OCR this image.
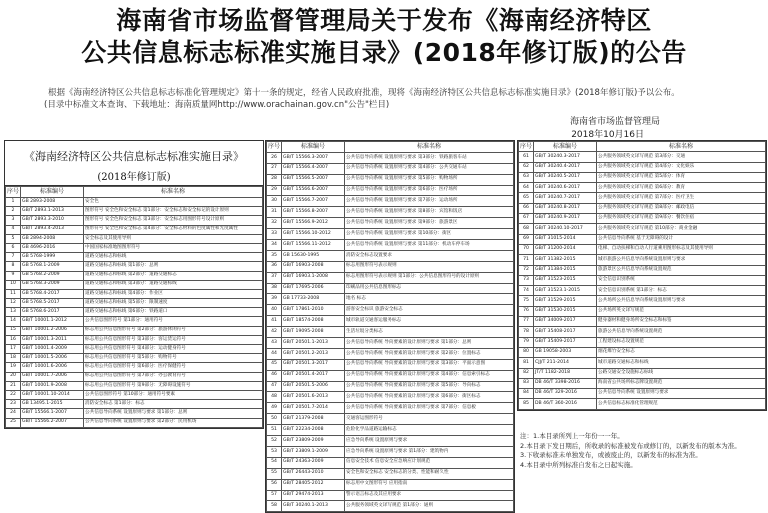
海南省市场监督管理局关于发布《海南经济特区
公共信息标志标准实施目录》(2018年修订版)的公告
根据《海南经济特区公共信息标志标准化管理规定》第十一条的规定，经省人民政府批准，现将《海南经济特区公共信息标志标准实施目录》(2018年修订版)予以公布。
(目录中标准文本查询、下载地址：海南质量网http://www.orachainan.gov.cn"公告"栏目)
海南省市场监督管理局
2018年10月16日
《海南经济特区公共信息标志标准实施目录》
(2018年修订版)
序号	标准编号	标准名称
1	GB 2893-2008	安全色
2	GB/T 2893.1-2013	图形符号 安全色和安全标志 第1部分：安全标志和安全标记的设计原则
3	GB/T 2893.3-2010	图形符号 安全色和安全标志 第3部分：安全标志用图形符号设计原则
4	GB/T 2893.4-2013	图形符号 安全色和安全标志 第4部分：安全标志材料的色度属性和光度属性
5	GB 2894-2008	安全标志及其使用导则
6	GB 4696-2016	中国国家标准地图图形符号
7	GB 5768-1999	道路交通标志和标线
8	GB 5768.1-2009	道路交通标志和标线 第1部分：总则
9	GB 5768.2-2009	道路交通标志和标线 第2部分：道路交通标志
10	GB 5768.3-2009	道路交通标志和标线 第3部分：道路交通标线
11	GB 5768.4-2017	道路交通标志和标线 第4部分：作业区
12	GB 5768.5-2017	道路交通标志和标线 第5部分：限制速度
13	GB 5768.6-2017	道路交通标志和标线 第6部分：铁路道口
14	GB/T 10001.1-2012	公共信息图形符号 第1部分：通用符号
15	GB/T 10001.2-2006	标志用公共信息图形符号 第2部分：旅游休闲符号
16	GB/T 10001.3-2011	标志用公共信息图形符号 第3部分：客运货运符号
17	GB/T 10001.4-2009	标志用公共信息图形符号 第4部分：运动健身符号
18	GB/T 10001.5-2006	标志用公共信息图形符号 第5部分：购物符号
19	GB/T 10001.6-2006	标志用公共信息图形符号 第6部分：医疗保健符号
20	GB/T 10001.7-2006	标志用公共信息图形符号 第7部分：办公教育符号
21	GB/T 10001.9-2008	标志用公共信息图形符号 第9部分：无障碍设施符号
22	GB/T 10001.10-2014	公共信息图形符号 第10部分：通用符号要素
23	GB 13495.1-2015	消防安全标志 第1部分：标志
24	GB/T 15566.1-2007	公共信息导向系统 设置原则与要求 第1部分：总则
25	GB/T 15566.2-2007	公共信息导向系统 设置原则与要求 第2部分：民用机场
序号	标准编号	标准名称
26	GB/T 15566.3-2007	公共信息导向系统 设置原则与要求 第3部分：铁路旅客车站
27	GB/T 15566.4-2007	公共信息导向系统 设置原则与要求 第4部分：公共交通车站
28	GB/T 15566.5-2007	公共信息导向系统 设置原则与要求 第5部分：购物场所
29	GB/T 15566.6-2007	公共信息导向系统 设置原则与要求 第6部分：医疗场所
30	GB/T 15566.7-2007	公共信息导向系统 设置原则与要求 第7部分：运动场所
31	GB/T 15566.8-2007	公共信息导向系统 设置原则与要求 第8部分：宾馆和饭店
32	GB/T 15566.9-2012	公共信息导向系统 设置原则与要求 第9部分：旅游景区
33	GB/T 15566.10-2012	公共信息导向系统 设置原则与要求 第10部分：街区
34	GB/T 15566.11-2012	公共信息导向系统 设置原则与要求 第11部分：机动车停车场
35	GB 15630-1995	消防安全标志设置要求
36	GB/T 16903-2008	标志用图形符号表示规则
37	GB/T 16903.1-2008	标志用图形符号表示规则 第1部分：公共信息图形符号的设计原则
38	GB/T 17695-2006	印刷品用公共信息图形标志
39	GB 17733-2008	地名 标志
40	GB/T 17861-2010	游客安全标识 旅游安全标志
41	GB/T 18574-2008	城市轨道交通客运服务标志
42	GB/T 19095-2008	生活垃圾分类标志
43	GB/T 20501.1-2013	公共信息导向系统 导向要素的设计原则与要求 第1部分：总则
44	GB/T 20501.2-2013	公共信息导向系统 导向要素的设计原则与要求 第2部分：位置标志
45	GB/T 20501.3-2017	公共信息导向系统 导向要素的设计原则与要求 第3部分：平面示意图
46	GB/T 20501.4-2017	公共信息导向系统 导向要素的设计原则与要求 第4部分：信息索引标志
47	GB/T 20501.5-2006	公共信息导向系统 导向要素的设计原则与要求 第5部分：导向标志
48	GB/T 20501.6-2013	公共信息导向系统 导向要素的设计原则与要求 第6部分：街区标志
49	GB/T 20501.7-2014	公共信息导向系统 导向要素的设计原则与要求 第7部分：信息板
50	GB/T 21379-2008	交通客运图形符号
51	GB/T 22234-2008	危险化学品道路运输标志
52	GB/T 23809-2009	应急导向系统 设置原则与要求
53	GB/T 23809.1-2009	应急导向系统 设置原则与要求 第1部分：建筑物内
54	GB/T 24363-2009	信息安全技术 信息安全应急响应计划规范
55	GB/T 26443-2010	安全色和安全标志 安全标志的分类、性能和耐久性
56	GB/T 28405-2012	标志用中文图形符号 应用指南
57	GB/T 29474-2013	警示语言标志及其应用要求
58	GB/T 30240.1-2013	公共服务领域英文译写规范 第1部分：通则
序号	标准编号	标准名称
61	GB/T 30240.3-2017	公共服务领域英文译写规范 第3部分：交通
62	GB/T 30240.4-2017	公共服务领域英文译写规范 第4部分：文化娱乐
63	GB/T 30240.5-2017	公共服务领域英文译写规范 第5部分：体育
64	GB/T 30240.6-2017	公共服务领域英文译写规范 第6部分：教育
65	GB/T 30240.7-2017	公共服务领域英文译写规范 第7部分：医疗卫生
66	GB/T 30240.8-2017	公共服务领域英文译写规范 第8部分：邮政电信
67	GB/T 30240.9-2017	公共服务领域英文译写规范 第9部分：餐饮住宿
68	GB/T 30240.10-2017	公共服务领域英文译写规范 第10部分：商业金融
69	GB/T 31015-2014	公共信息导向系统 基于无障碍的设计
70	GB/T 31200-2014	电梯、自动扶梯和自动人行道乘用图形标志及其使用导则
71	GB/T 31382-2015	城市旅游公共信息导向系统设置原则与要求
72	GB/T 31384-2015	旅游景区公共信息导向系统设置规范
73	GB/T 31523-2015	安全信息识别系统
74	GB/T 31523.1-2015	安全信息识别系统 第1部分：标志
75	GB/T 31529-2015	公共场所公共信息导向系统设置原则与要求
76	GB/T 31530-2015	公共场所英文译写规范
77	GB/T 34009-2017	健身器材和健身场所安全标志和标签
78	GB/T 35408-2017	旅游公共信息导向系统设置规范
79	GB/T 35409-2017	工程建设标志设置规范
80	GB 19058-2003	烟花爆竹安全标志
81	CJJ/T 211-2014	城市道路交通标志和标线
82	JT/T 1182-2018	公路交通安全设施标志标线
83	DB 46/T 3398-2016	海南省公共场所标志牌设置规范
84	DB 46/T 329-2016	公共信息导向系统 设置原则与要求
85	DB 46/T 360-2016	公共信息标志标准化管理规范
注：1.本目录所列上一年份一一年。
2.本目录下发日期后，所收录的标准被发布或修订的，以新发布的版本为准。
3.下收录标准未单独发布，或被废止的，以新发布的标准为准。
4.本目录中所列标准自发布之日起实施。
